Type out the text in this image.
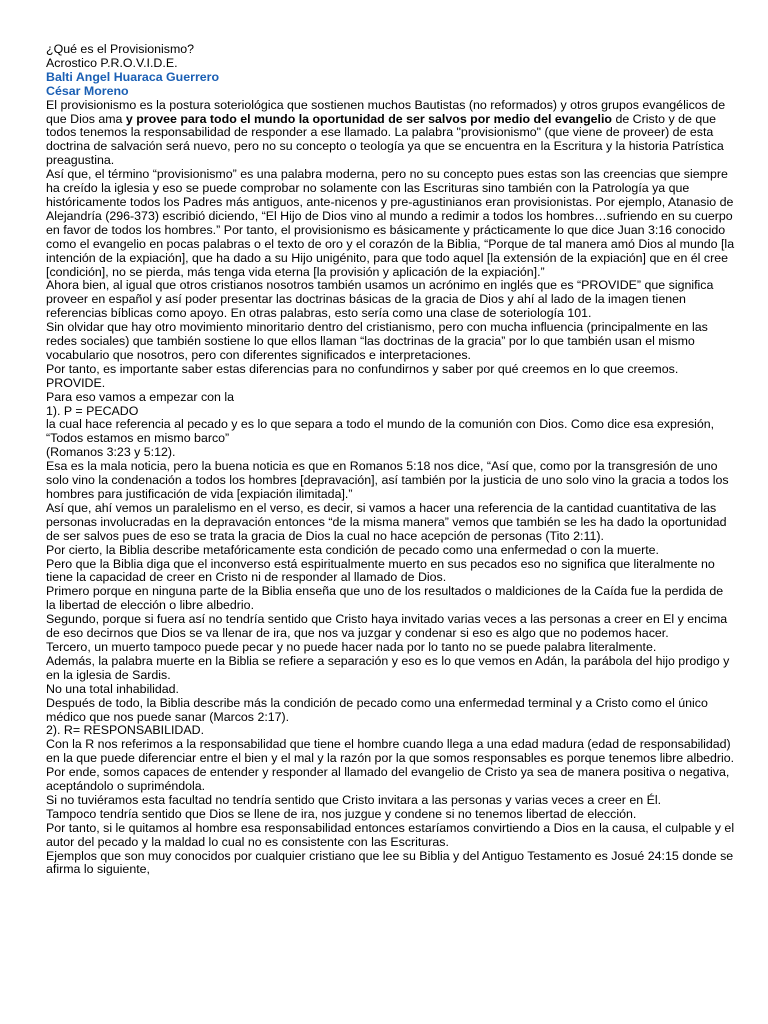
¿Qué es el Provisionismo?

Acrostico P.R.O.V.I.D.E.

Balti Angel Huaraca Guerrero

César Moreno

El provisionismo es la postura soteriológica que sostienen muchos Bautistas (no reformados) y otros grupos evangélicos de que Dios ama y provee para todo el mundo la oportunidad de ser salvos por medio del evangelio de Cristo y de que todos tenemos la responsabilidad de responder a ese llamado. La palabra "provisionismo" (que viene de proveer) de esta doctrina de salvación será nuevo, pero no su concepto o teología ya que se encuentra en la Escritura y la historia Patrística preagustina.

Así que, el término “provisionismo” es una palabra moderna, pero no su concepto pues estas son las creencias que siempre ha creído la iglesia y eso se puede comprobar no solamente con las Escrituras sino también con la Patrología ya que históricamente todos los Padres más antiguos, ante-nicenos y pre-agustinianos eran provisionistas. Por ejemplo, Atanasio de Alejandría (296-373) escribió diciendo, “El Hijo de Dios vino al mundo a redimir a todos los hombres…sufriendo en su cuerpo en favor de todos los hombres.” Por tanto, el provisionismo es básicamente y prácticamente lo que dice Juan 3:16 conocido como el evangelio en pocas palabras o el texto de oro y el corazón de la Biblia, “Porque de tal manera amó Dios al mundo [la intención de la expiación], que ha dado a su Hijo unigénito, para que todo aquel [la extensión de la expiación] que en él cree [condición], no se pierda, más tenga vida eterna [la provisión y aplicación de la expiación].”

Ahora bien, al igual que otros cristianos nosotros también usamos un acrónimo en inglés que es “PROVIDE” que significa proveer en español y así poder presentar las doctrinas básicas de la gracia de Dios y ahí al lado de la imagen tienen referencias bíblicas como apoyo. En otras palabras, esto sería como una clase de soteriología 101.

Sin olvidar que hay otro movimiento minoritario dentro del cristianismo, pero con mucha influencia (principalmente en las redes sociales) que también sostiene lo que ellos llaman “las doctrinas de la gracia” por lo que también usan el mismo vocabulario que nosotros, pero con diferentes significados e interpretaciones.

Por tanto, es importante saber estas diferencias para no confundirnos y saber por qué creemos en lo que creemos.

PROVIDE.

Para eso vamos a empezar con la

1). P = PECADO

la cual hace referencia al pecado y es lo que separa a todo el mundo de la comunión con Dios. Como dice esa expresión,

“Todos estamos en mismo barco”

(Romanos 3:23 y 5:12).

Esa es la mala noticia, pero la buena noticia es que en Romanos 5:18 nos dice, “Así que, como por la transgresión de uno solo vino la condenación a todos los hombres [depravación], así también por la justicia de uno solo vino la gracia a todos los hombres para justificación de vida [expiación ilimitada].”

Así que, ahí vemos un paralelismo en el verso, es decir, si vamos a hacer una referencia de la cantidad cuantitativa de las personas involucradas en la depravación entonces “de la misma manera” vemos que también se les ha dado la oportunidad de ser salvos pues de eso se trata la gracia de Dios la cual no hace acepción de personas (Tito 2:11).

Por cierto, la Biblia describe metafóricamente esta condición de pecado como una enfermedad o con la muerte.

Pero que la Biblia diga que el inconverso está espiritualmente muerto en sus pecados eso no significa que literalmente no tiene la capacidad de creer en Cristo ni de responder al llamado de Dios.

Primero porque en ninguna parte de la Biblia enseña que uno de los resultados o maldiciones de la Caída fue la perdida de la libertad de elección o libre albedrio.

Segundo, porque si fuera así no tendría sentido que Cristo haya invitado varias veces a las personas a creer en El y encima de eso decirnos que Dios se va llenar de ira, que nos va juzgar y condenar si eso es algo que no podemos hacer.

Tercero, un muerto tampoco puede pecar y no puede hacer nada por lo tanto no se puede palabra literalmente.

Además, la palabra muerte en la Biblia se refiere a separación y eso es lo que vemos en Adán, la parábola del hijo prodigo y en la iglesia de Sardis.

No una total inhabilidad.

Después de todo, la Biblia describe más la condición de pecado como una enfermedad terminal y a Cristo como el único médico que nos puede sanar (Marcos 2:17).

2). R= RESPONSABILIDAD.

Con la R nos referimos a la responsabilidad que tiene el hombre cuando llega a una edad madura (edad de responsabilidad) en la que puede diferenciar entre el bien y el mal y la razón por la que somos responsables es porque tenemos libre albedrio.

Por ende, somos capaces de entender y responder al llamado del evangelio de Cristo ya sea de manera positiva o negativa, aceptándolo o supriméndola.

Si no tuviéramos esta facultad no tendría sentido que Cristo invitara a las personas y varias veces a creer en Él.

Tampoco tendría sentido que Dios se llene de ira, nos juzgue y condene si no tenemos libertad de elección.

Por tanto, si le quitamos al hombre esa responsabilidad entonces estaríamos convirtiendo a Dios en la causa, el culpable y el autor del pecado y la maldad lo cual no es consistente con las Escrituras.

Ejemplos que son muy conocidos por cualquier cristiano que lee su Biblia y del Antiguo Testamento es Josué 24:15 donde se afirma lo siguiente,
